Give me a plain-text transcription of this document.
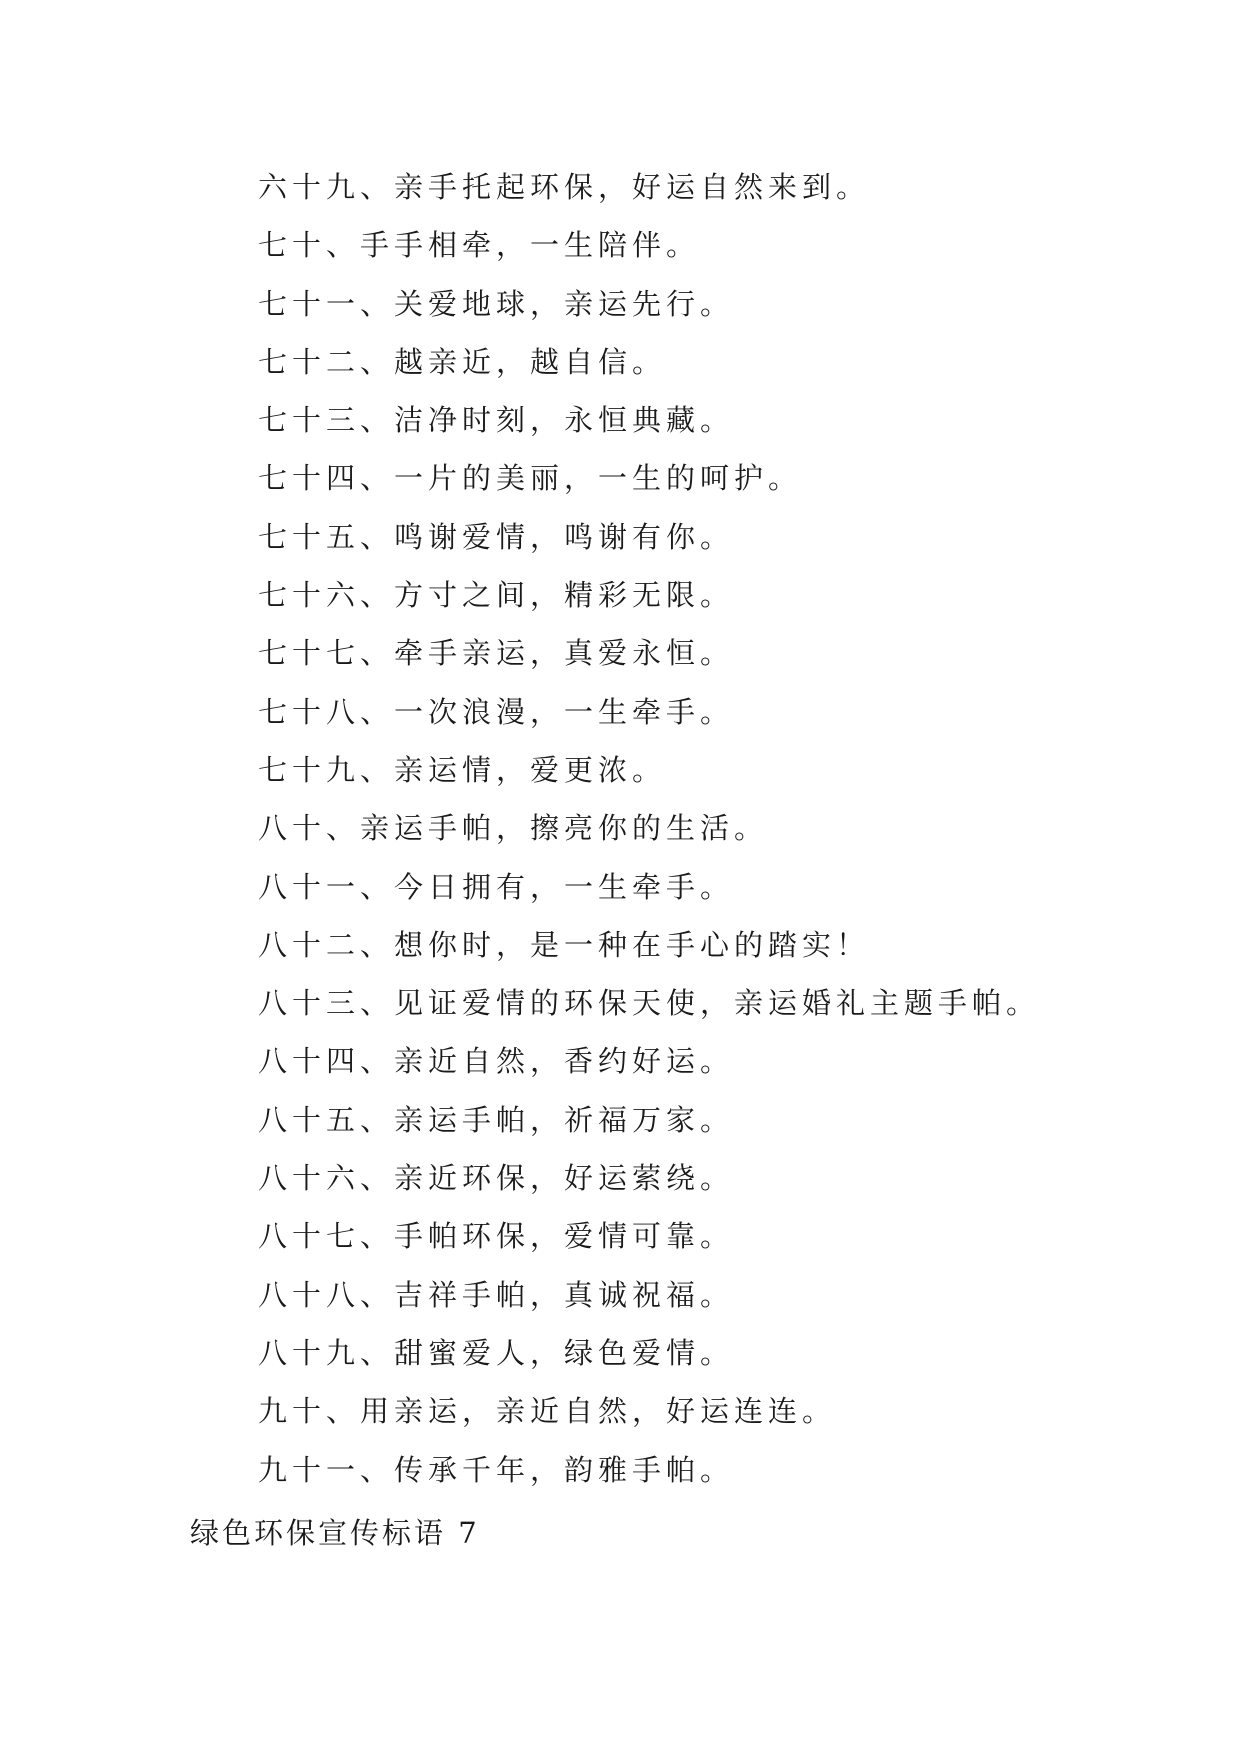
六十九、亲手托起环保，好运自然来到。
七十、手手相牵，一生陪伴。
七十一、关爱地球，亲运先行。
七十二、越亲近，越自信。
七十三、洁净时刻，永恒典藏。
七十四、一片的美丽，一生的呵护。
七十五、鸣谢爱情，鸣谢有你。
七十六、方寸之间，精彩无限。
七十七、牵手亲运，真爱永恒。
七十八、一次浪漫，一生牵手。
七十九、亲运情，爱更浓。
八十、亲运手帕，擦亮你的生活。
八十一、今日拥有，一生牵手。
八十二、想你时，是一种在手心的踏实！
八十三、见证爱情的环保天使，亲运婚礼主题手帕。
八十四、亲近自然，香约好运。
八十五、亲运手帕，祈福万家。
八十六、亲近环保，好运萦绕。
八十七、手帕环保，爱情可靠。
八十八、吉祥手帕，真诚祝福。
八十九、甜蜜爱人，绿色爱情。
九十、用亲运，亲近自然，好运连连。
九十一、传承千年，韵雅手帕。
绿色环保宣传标语 7
